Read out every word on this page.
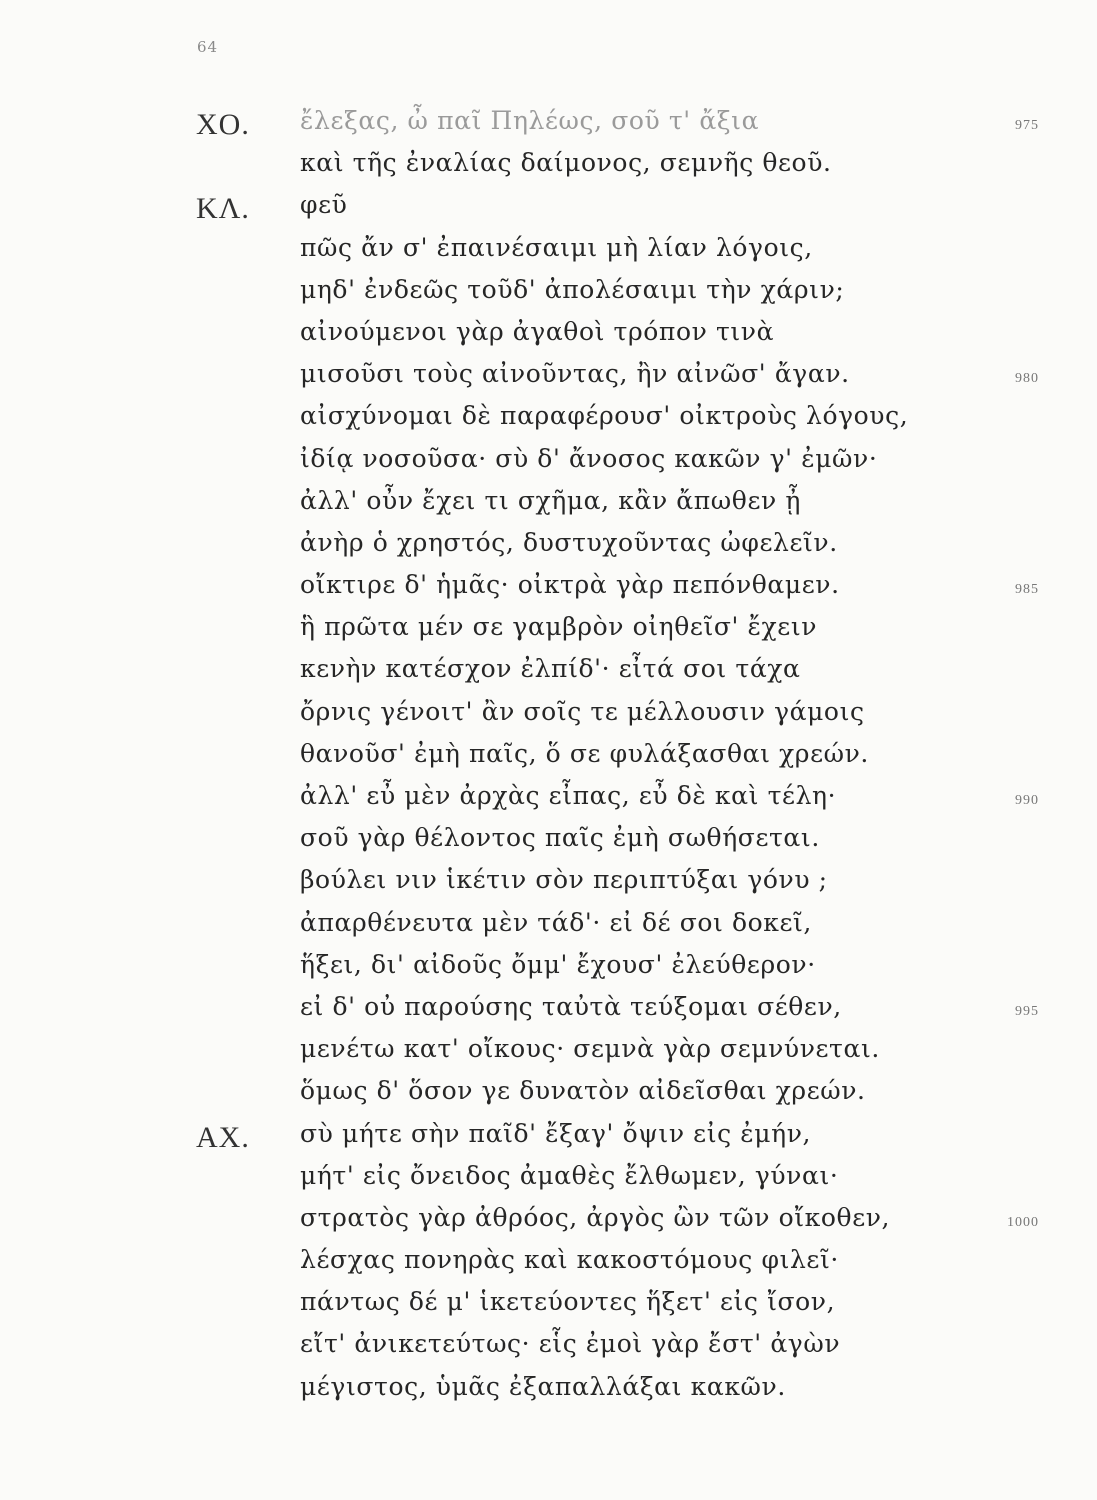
64
ΧΟ. ἔλεξας, ὦ παῖ Πηλέως, σοῦ τ' ἄξια	975
καὶ τῆς ἐναλίας δαίμονος, σεμνῆς θεοῦ.
ΚΛ. φεῦ
πῶς ἄν σ' ἐπαινέσαιμι μὴ λίαν λόγοις,
μηδ' ἐνδεῶς τοῦδ' ἀπολέσαιμι τὴν χάριν;
αἰνούμενοι γὰρ ἀγαθοὶ τρόπον τινὰ
μισοῦσι τοὺς αἰνοῦντας, ἢν αἰνῶσ' ἄγαν.	980
αἰσχύνομαι δὲ παραφέρουσ' οἰκτροὺς λόγους,
ἰδίᾳ νοσοῦσα· σὺ δ' ἄνοσος κακῶν γ' ἐμῶν·
ἀλλ' οὖν ἔχει τι σχῆμα, κἂν ἄπωθεν ᾖ
ἀνὴρ ὁ χρηστός, δυστυχοῦντας ὠφελεῖν.
οἴκτιρε δ' ἡμᾶς· οἰκτρὰ γὰρ πεπόνθαμεν.	985
ἣ πρῶτα μέν σε γαμβρὸν οἰηθεῖσ' ἔχειν
κενὴν κατέσχον ἐλπίδ'· εἶτά σοι τάχα
ὄρνις γένοιτ' ἂν σοῖς τε μέλλουσιν γάμοις
θανοῦσ' ἐμὴ παῖς, ὅ σε φυλάξασθαι χρεών.
ἀλλ' εὖ μὲν ἀρχὰς εἶπας, εὖ δὲ καὶ τέλη·	990
σοῦ γὰρ θέλοντος παῖς ἐμὴ σωθήσεται.
βούλει νιν ἱκέτιν σὸν περιπτύξαι γόνυ ;
ἀπαρθένευτα μὲν τάδ'· εἰ δέ σοι δοκεῖ,
ἥξει, δι' αἰδοῦς ὄμμ' ἔχουσ' ἐλεύθερον·
εἰ δ' οὐ παρούσης ταὐτὰ τεύξομαι σέθεν,	995
μενέτω κατ' οἴκους· σεμνὰ γὰρ σεμνύνεται.
ὅμως δ' ὅσον γε δυνατὸν αἰδεῖσθαι χρεών.
ΑΧ. σὺ μήτε σὴν παῖδ' ἔξαγ' ὄψιν εἰς ἐμήν,
μήτ' εἰς ὄνειδος ἀμαθὲς ἔλθωμεν, γύναι·
στρατὸς γὰρ ἀθρόος, ἀργὸς ὢν τῶν οἴκοθεν,	1000
λέσχας πονηρὰς καὶ κακοστόμους φιλεῖ·
πάντως δέ μ' ἱκετεύοντες ἥξετ' εἰς ἴσον,
εἴτ' ἀνικετεύτως· εἷς ἐμοὶ γὰρ ἔστ' ἀγὼν
μέγιστος, ὑμᾶς ἐξαπαλλάξαι κακῶν.
